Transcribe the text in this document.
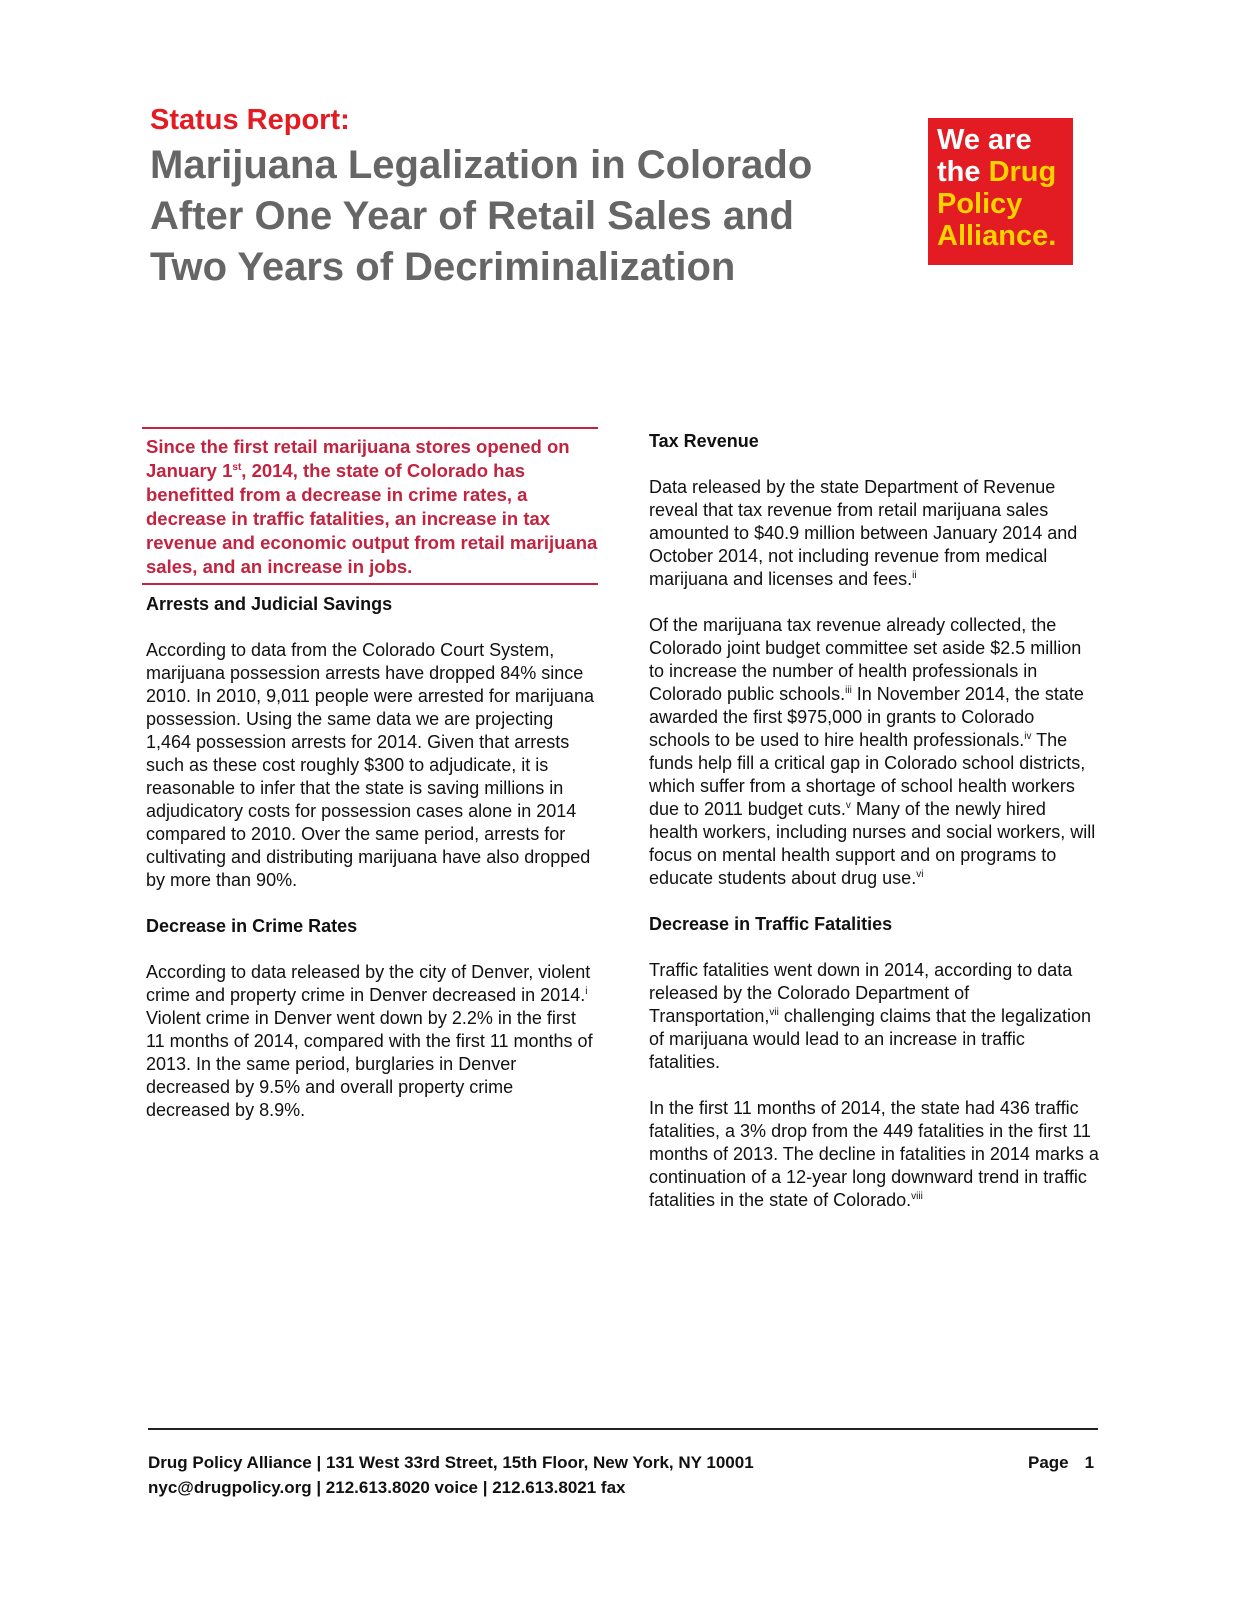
Status Report:
Marijuana Legalization in Colorado After One Year of Retail Sales and Two Years of Decriminalization
We are
the Drug
Policy
Alliance.
Since the first retail marijuana stores opened on January 1st, 2014, the state of Colorado has benefitted from a decrease in crime rates, a decrease in traffic fatalities, an increase in tax revenue and economic output from retail marijuana sales, and an increase in jobs.
Arrests and Judicial Savings

According to data from the Colorado Court System, marijuana possession arrests have dropped 84% since 2010. In 2010, 9,011 people were arrested for marijuana possession. Using the same data we are projecting 1,464 possession arrests for 2014. Given that arrests such as these cost roughly $300 to adjudicate, it is reasonable to infer that the state is saving millions in adjudicatory costs for possession cases alone in 2014 compared to 2010. Over the same period, arrests for cultivating and distributing marijuana have also dropped by more than 90%.

Decrease in Crime Rates

According to data released by the city of Denver, violent crime and property crime in Denver decreased in 2014.$^i$ Violent crime in Denver went down by 2.2% in the first 11 months of 2014, compared with the first 11 months of 2013. In the same period, burglaries in Denver decreased by 9.5% and overall property crime decreased by 8.9%.

Tax Revenue

Data released by the state Department of Revenue reveal that tax revenue from retail marijuana sales amounted to $40.9 million between January 2014 and October 2014, not including revenue from medical marijuana and licenses and fees.$^{ii}$

Of the marijuana tax revenue already collected, the Colorado joint budget committee set aside $2.5 million to increase the number of health professionals in Colorado public schools.$^{iii}$ In November 2014, the state awarded the first $975,000 in grants to Colorado schools to be used to hire health professionals.$^{iv}$ The funds help fill a critical gap in Colorado school districts, which suffer from a shortage of school health workers due to 2011 budget cuts.$^v$ Many of the newly hired health workers, including nurses and social workers, will focus on mental health support and on programs to educate students about drug use.$^{vi}$

Decrease in Traffic Fatalities

Traffic fatalities went down in 2014, according to data released by the Colorado Department of Transportation,$^{vii}$ challenging claims that the legalization of marijuana would lead to an increase in traffic fatalities.

In the first 11 months of 2014, the state had 436 traffic fatalities, a 3% drop from the 449 fatalities in the first 11 months of 2013. The decline in fatalities in 2014 marks a continuation of a 12-year long downward trend in traffic fatalities in the state of Colorado.$^{viii}$

Drug Policy Alliance | 131 West 33rd Street, 15th Floor, New York, NY 10001
nyc@drugpolicy.org | 212.613.8020 voice | 212.613.8021 fax
Page 1
